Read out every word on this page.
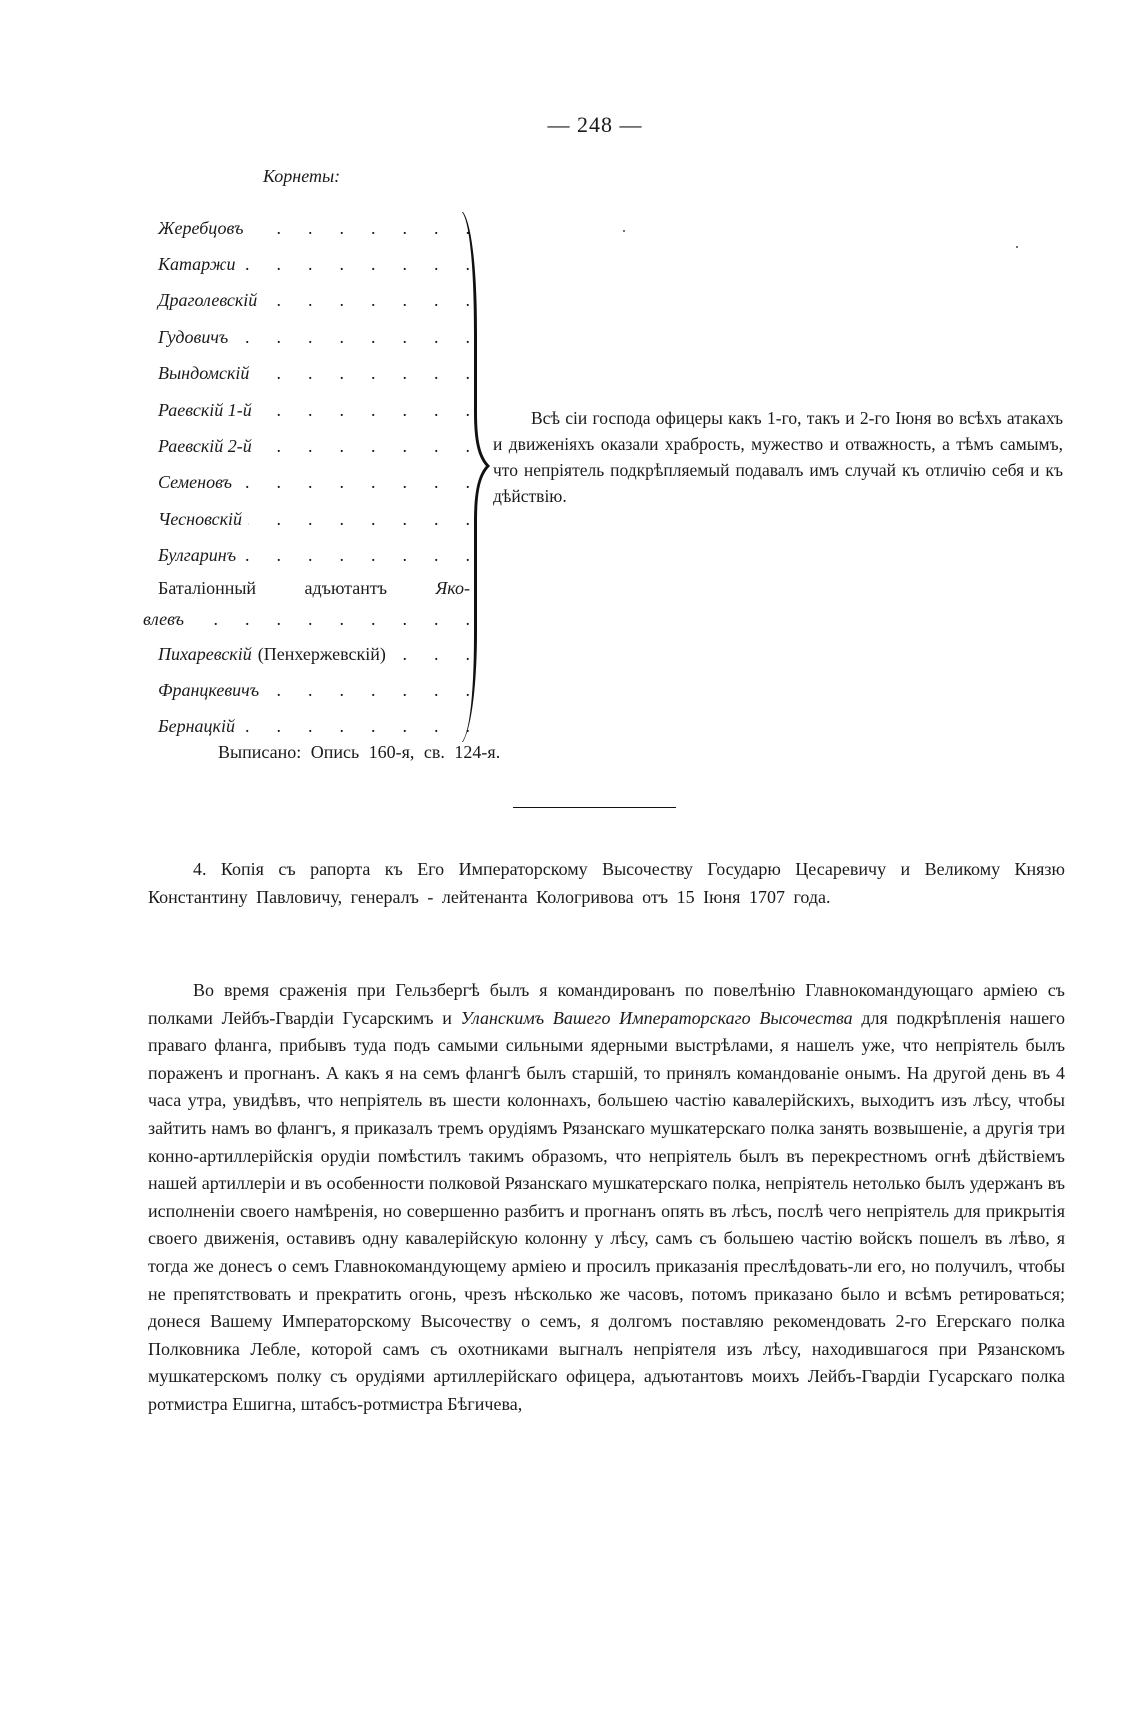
— 248 —
Корнеты:
Жеребцовъ
.
Катаржи
.
Драголевскій
.
Гудовичъ
.
Вындомскій
.
Раевскій 1-й
.
Раевскій 2-й
.
Семеновъ
.
Чесновскій
.
Булгаринъ
.
Баталіонный	адъютантъ	Яко-
влевъ
.
Пихаревскій (Пенхержевскій)
.
Францкевичъ
.
Бернацкій
.
Всѣ сіи господа офицеры какъ 1-го, такъ и 2-го Іюня во всѣхъ атакахъ и движеніяхъ оказали храбрость, мужество и отважность, а тѣмъ самымъ, что непріятель подкрѣпляемый подавалъ имъ случай къ отличію себя и къ дѣйствію.
Выписано: Опись 160-я, св. 124-я.
4. Копія съ рапорта къ Его Императорскому Высочеству Государю Цесаревичу и Великому Князю Константину Павловичу, генералъ - лейтенанта Кологривова отъ 15 Іюня 1707 года.
Во время сраженія при Гельзбергѣ былъ я командированъ по повелѣнію Главнокомандующаго арміею съ полками Лейбъ-Гвардіи Гусарскимъ и Уланскимъ Вашего Императорскаго Высочества для подкрѣпленія нашего праваго фланга, прибывъ туда подъ самыми сильными ядерными выстрѣлами, я нашелъ уже, что непріятель былъ пораженъ и прогнанъ. А какъ я на семъ флангѣ былъ старшій, то принялъ командованіе онымъ. На другой день въ 4 часа утра, увидѣвъ, что непріятель въ шести колоннахъ, большею частію кавалерійскихъ, выходитъ изъ лѣсу, чтобы зайтить намъ во флангъ, я приказалъ тремъ орудіямъ Рязанскаго мушкатерскаго полка занять возвышеніе, а другія три конно-артиллерійскія орудіи помѣстилъ такимъ образомъ, что непріятель былъ въ перекрестномъ огнѣ дѣйствіемъ нашей артиллеріи и въ особенности полковой Рязанскаго мушкатерскаго полка, непріятель нетолько былъ удержанъ въ исполненіи своего намѣренія, но совершенно разбитъ и прогнанъ опять въ лѣсъ, послѣ чего непріятель для прикрытія своего движенія, оставивъ одну кавалерійскую колонну у лѣсу, самъ съ большею частію войскъ пошелъ въ лѣво, я тогда же донесъ о семъ Главнокомандующему арміею и просилъ приказанія преслѣдовать-ли его, но получилъ, чтобы не препятствовать и прекратить огонь, чрезъ нѣсколько же часовъ, потомъ приказано было и всѣмъ ретироваться; донеся Вашему Императорскому Высочеству о семъ, я долгомъ поставляю рекомендовать 2-го Егерскаго полка Полковника Лебле, которой самъ съ охотниками выгналъ непріятеля изъ лѣсу, находившагося при Рязанскомъ мушкатерскомъ полку съ орудіями артиллерійскаго офицера, адъютантовъ моихъ Лейбъ-Гвардіи Гусарскаго полка ротмистра Ешигна, штабсъ-ротмистра Бѣгичева,
